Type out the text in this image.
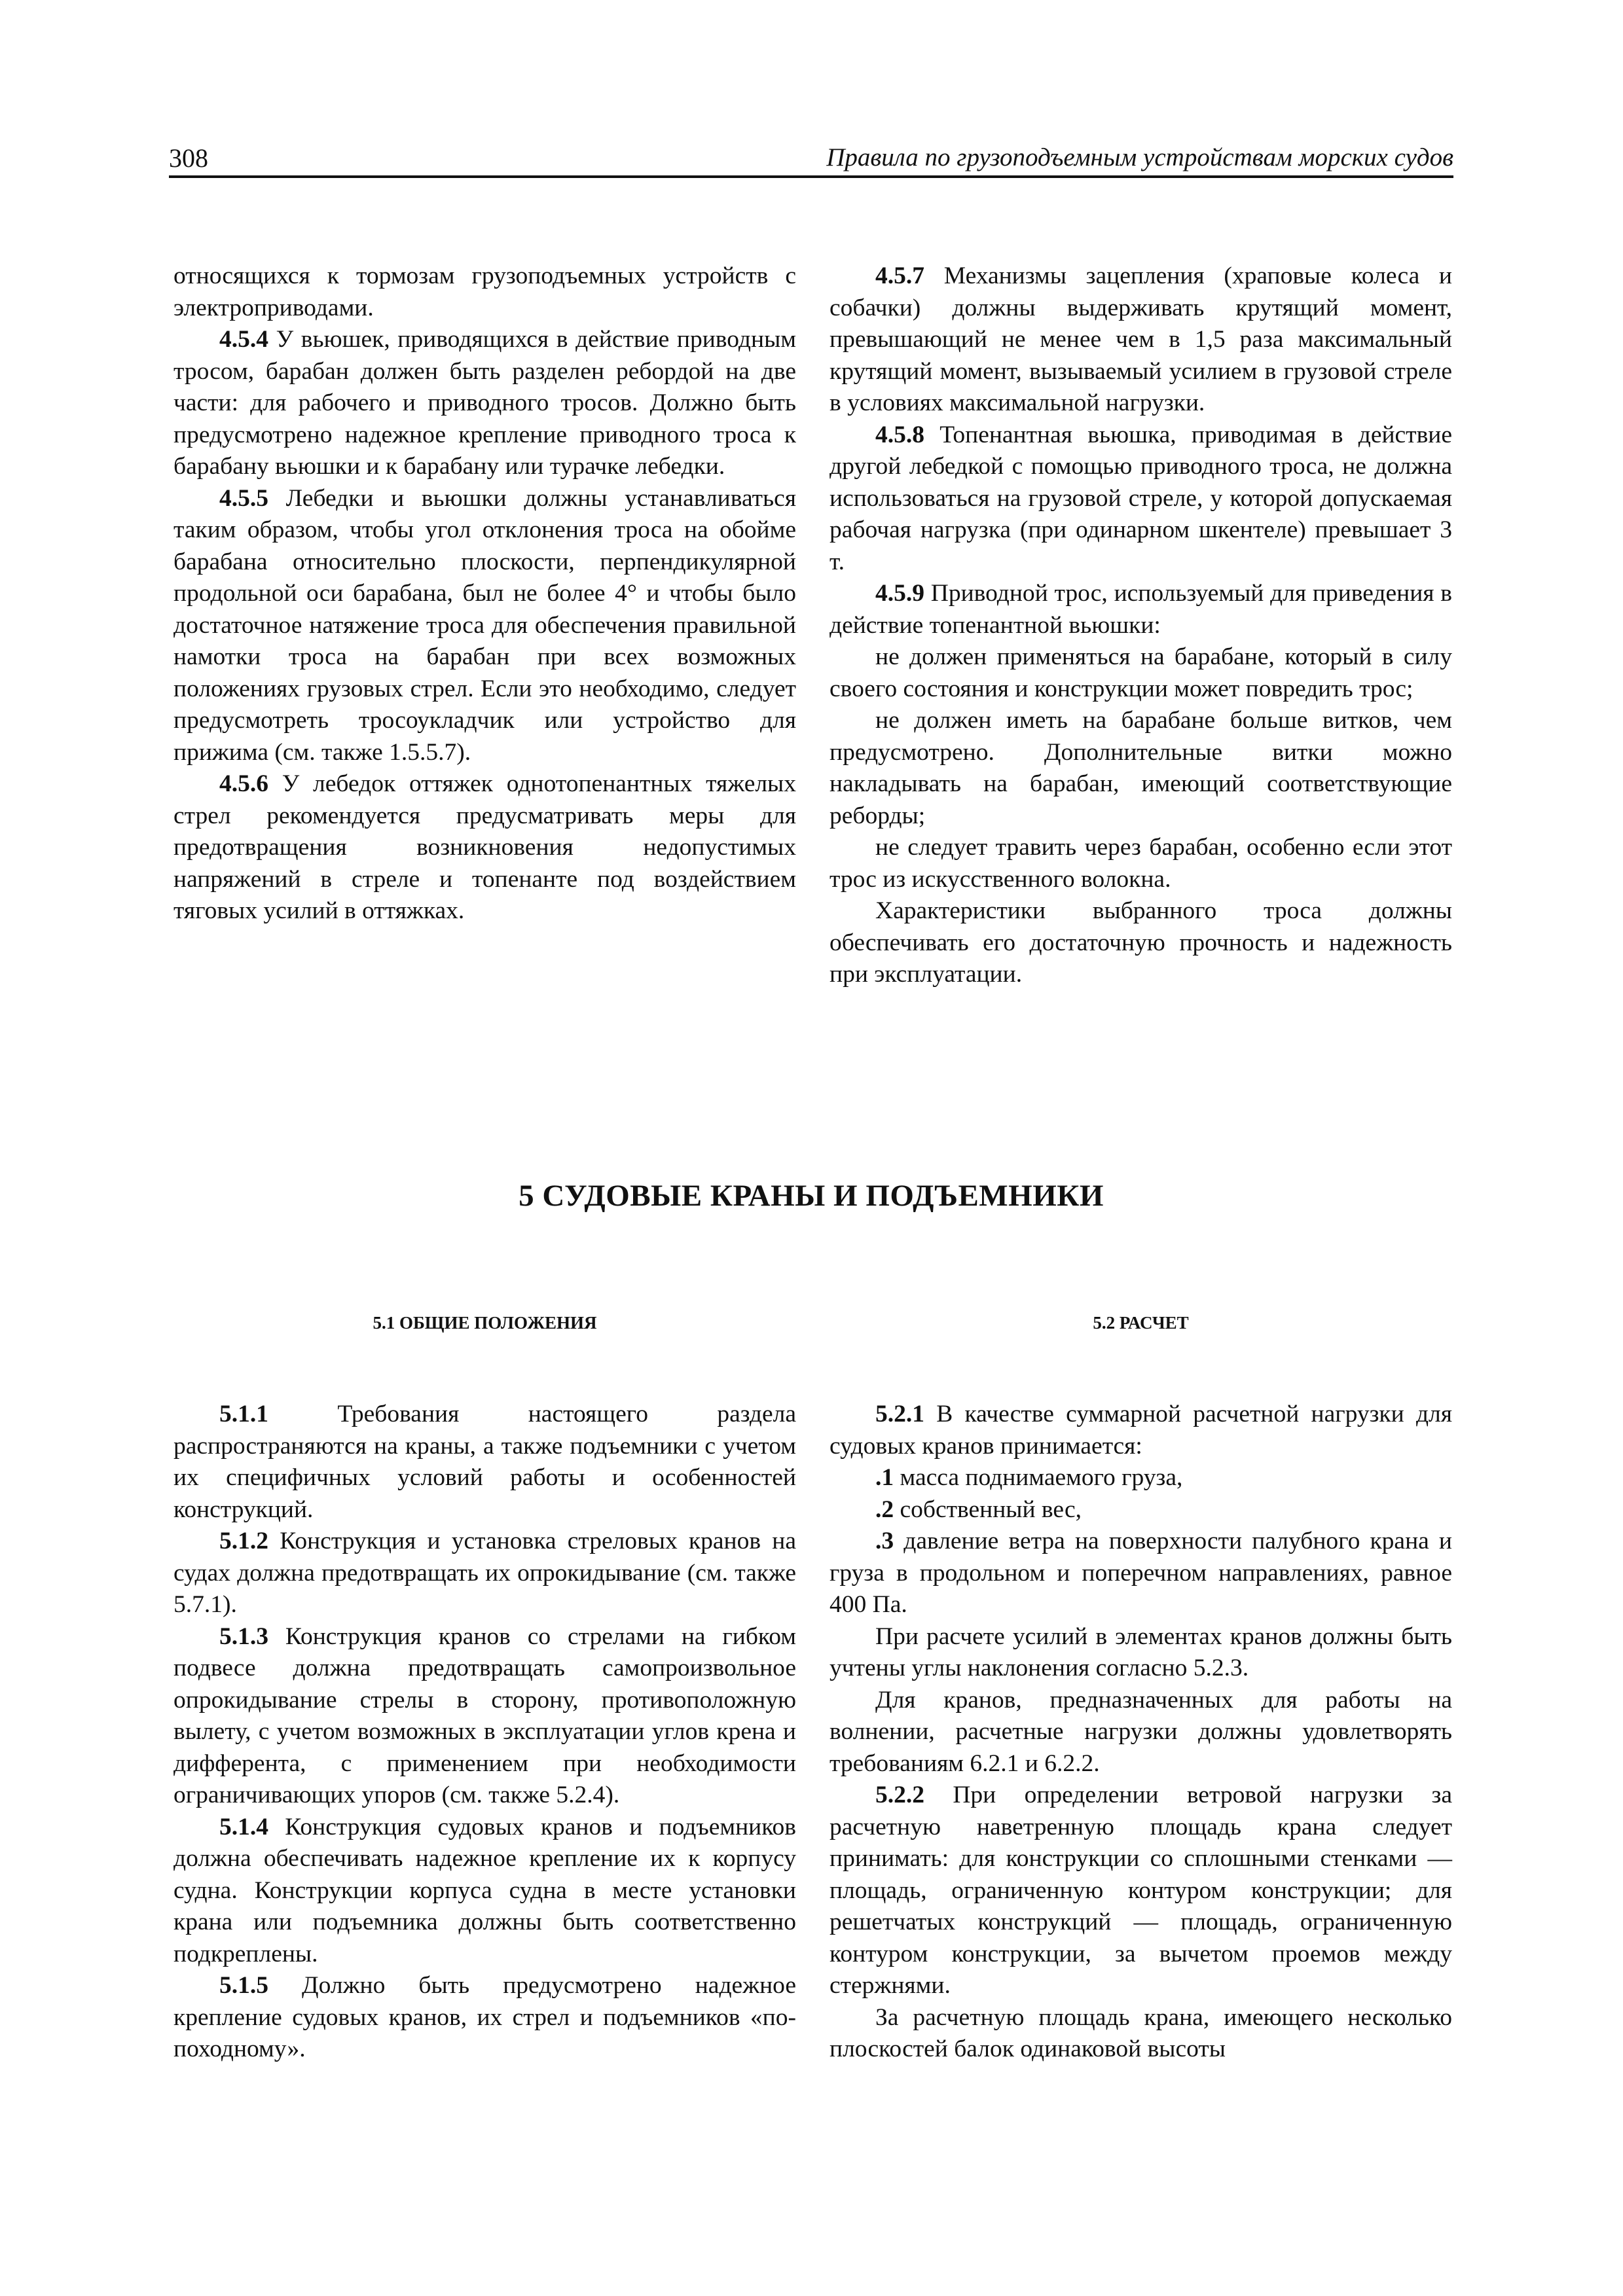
308	Правила по грузоподъемным устройствам морских судов

относящихся к тормозам грузоподъемных устройств с электроприводами.

4.5.4 У вьюшек, приводящихся в действие приводным тросом, барабан должен быть разделен ребордой на две части: для рабочего и приводного тросов. Должно быть предусмотрено надежное крепление приводного троса к барабану вьюшки и к барабану или турачке лебедки.

4.5.5 Лебедки и вьюшки должны устанавливаться таким образом, чтобы угол отклонения троса на обойме барабана относительно плоскости, перпендикулярной продольной оси барабана, был не более 4° и чтобы было достаточное натяжение троса для обеспечения правильной намотки троса на барабан при всех возможных положениях грузовых стрел. Если это необходимо, следует предусмотреть тросоукладчик или устройство для прижима (см. также 1.5.5.7).

4.5.6 У лебедок оттяжек однотопенантных тяжелых стрел рекомендуется предусматривать меры для предотвращения возникновения недопустимых напряжений в стреле и топенанте под воздействием тяговых усилий в оттяжках.

4.5.7 Механизмы зацепления (храповые колеса и собачки) должны выдерживать крутящий момент, превышающий не менее чем в 1,5 раза максимальный крутящий момент, вызываемый усилием в грузовой стреле в условиях максимальной нагрузки.

4.5.8 Топенантная вьюшка, приводимая в действие другой лебедкой с помощью приводного троса, не должна использоваться на грузовой стреле, у которой допускаемая рабочая нагрузка (при одинарном шкентеле) превышает 3 т.

4.5.9 Приводной трос, используемый для приведения в действие топенантной вьюшки:

не должен применяться на барабане, который в силу своего состояния и конструкции может повредить трос;

не должен иметь на барабане больше витков, чем предусмотрено. Дополнительные витки можно накладывать на барабан, имеющий соответствующие реборды;

не следует травить через барабан, особенно если этот трос из искусственного волокна.

Характеристики выбранного троса должны обеспечивать его достаточную прочность и надежность при эксплуатации.

5 СУДОВЫЕ КРАНЫ И ПОДЪЕМНИКИ
5.1 ОБЩИЕ ПОЛОЖЕНИЯ	5.2 РАСЧЕТ

5.1.1 Требования настоящего раздела распространяются на краны, а также подъемники с учетом их специфичных условий работы и особенностей конструкций.

5.1.2 Конструкция и установка стреловых кранов на судах должна предотвращать их опрокидывание (см. также 5.7.1).

5.1.3 Конструкция кранов со стрелами на гибком подвесе должна предотвращать самопроизвольное опрокидывание стрелы в сторону, противоположную вылету, с учетом возможных в эксплуатации углов крена и дифферента, с применением при необходимости ограничивающих упоров (см. также 5.2.4).

5.1.4 Конструкция судовых кранов и подъемников должна обеспечивать надежное крепление их к корпусу судна. Конструкции корпуса судна в месте установки крана или подъемника должны быть соответственно подкреплены.

5.1.5 Должно быть предусмотрено надежное крепление судовых кранов, их стрел и подъемников «по-походному».

5.2.1 В качестве суммарной расчетной нагрузки для судовых кранов принимается:

.1 масса поднимаемого груза,

.2 собственный вес,

.3 давление ветра на поверхности палубного крана и груза в продольном и поперечном направлениях, равное 400 Па.

При расчете усилий в элементах кранов должны быть учтены углы наклонения согласно 5.2.3.

Для кранов, предназначенных для работы на волнении, расчетные нагрузки должны удовлетворять требованиям 6.2.1 и 6.2.2.

5.2.2 При определении ветровой нагрузки за расчетную наветренную площадь крана следует принимать: для конструкции со сплошными стенками — площадь, ограниченную контуром конструкции; для решетчатых конструкций — площадь, ограниченную контуром конструкции, за вычетом проемов между стержнями.

За расчетную площадь крана, имеющего несколько плоскостей балок одинаковой высоты
